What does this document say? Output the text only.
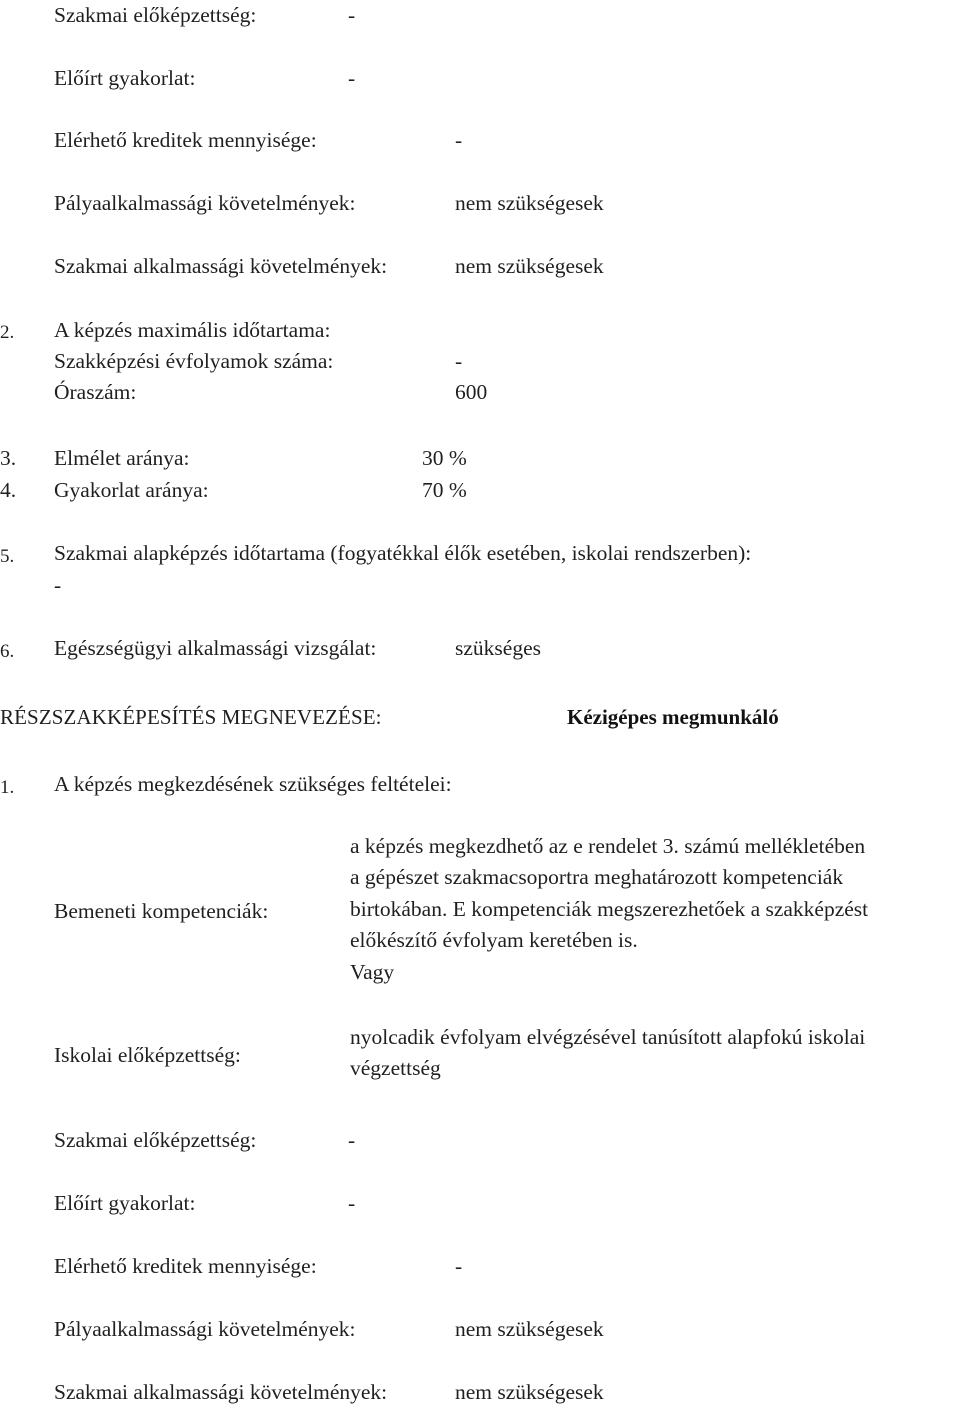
Szakmai előképzettség:	-
Előírt gyakorlat:	-
Elérhető kreditek mennyisége:	-
Pályaalkalmassági követelmények:	nem szükségesek
Szakmai alkalmassági követelmények:	nem szükségesek
2. A képzés maximális időtartama:
Szakképzési évfolyamok száma:	-
Óraszám:	600
3. Elmélet aránya:	30 %
4. Gyakorlat aránya:	70 %
5. Szakmai alapképzés időtartama (fogyatékkal élők esetében, iskolai rendszerben):
-
6. Egészségügyi alkalmassági vizsgálat:	szükséges
RÉSZSZAKKÉPESÍTÉS MEGNEVEZÉSE:	Kézigépes megmunkáló
1. A képzés megkezdésének szükséges feltételei:
Bemeneti kompetenciák:
a képzés megkezdhető az e rendelet 3. számú mellékletében
a gépészet szakmacsoportra meghatározott kompetenciák
birtokában. E kompetenciák megszerezhetőek a szakképzést
előkészítő évfolyam keretében is.
Vagy
Iskolai előképzettség:
nyolcadik évfolyam elvégzésével tanúsított alapfokú iskolai
végzettség
Szakmai előképzettség:	-
Előírt gyakorlat:	-
Elérhető kreditek mennyisége:	-
Pályaalkalmassági követelmények:	nem szükségesek
Szakmai alkalmassági követelmények:	nem szükségesek
